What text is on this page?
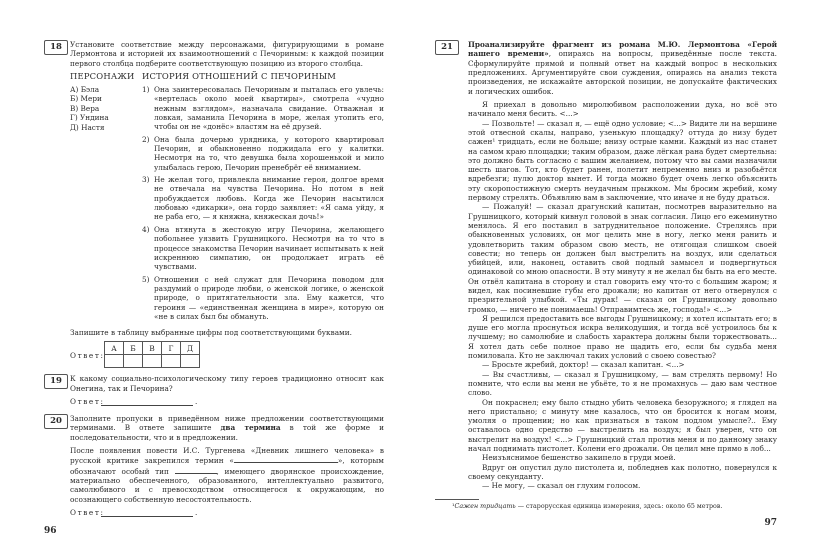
18	Установите соответствие между персонажами, фигурирующими в романе Лермонтова и историей их взаимоотношений с Печориным: к каждой позиции первого столбца подберите соответствующую позицию из второго столбца.
ПЕРСОНАЖИ ИСТОРИЯ ОТНОШЕНИЙ С ПЕЧОРИНЫМ
А) Бэла
Б) Мери
В) Вера
Г) Ундина
Д) Настя
1) Она заинтересовалась Печориным и пыталась его увлечь: «вертелась около моей квартиры», смотрела «чудно нежным взглядом», назначала свидание. Отважная и ловкая, заманила Печорина в море, желая утопить его, чтобы он не «донёс» властям на её друзей.
2) Она была дочерью урядника, у которого квартировал Печорин, и обыкновенно поджидала его у калитки. Несмотря на то, что девушка была хорошенькой и мило улыбалась герою, Печорин пренебрёг её вниманием.
3) Не желая того, привлекла внимание героя, долгое время не отвечала на чувства Печорина. Но потом в ней пробуждается любовь. Когда же Печорин насытился любовью «дикарки», она гордо заявляет: «Я сама уйду, я не раба его, — я княжна, княжеская дочь!»
4) Она втянута в жестокую игру Печорина, желающего побольнее уязвить Грушницкого. Несмотря на то что в процессе знакомства Печорин начинает испытывать к ней искреннюю симпатию, он продолжает играть её чувствами.
5) Отношения с ней служат для Печорина поводом для раздумий о природе любви, о женской логике, о женской природе, о притягательности зла. Ему кажется, что героиня — «единственная женщина в мире», которую он «не в силах был бы обмануть.
Запишите в таблицу выбранные цифры под соответствующими буквами.
Ответ:
А	Б	В	Г	Д

19	К какому социально-психологическому типу героев традиционно относят как Онегина, так и Печорина?
Ответ:	.
20	Заполните пропуски в приведённом ниже предложении соответствующими терминами. В ответе запишите два термина в той же форме и последовательности, что и в предложении.
После появления повести И.С. Тургенева «Дневник лишнего человека» в русской критике закрепился термин «	», которым обозначают особый тип	, имеющего дворянское происхождение, материально обеспеченного, образованного, интеллектуально развитого, самолюбивого и с превосходством относящегося к окружающим, но осознающего собственную несостоятельность.
Ответ:	.
96
21	Проанализируйте фрагмент из романа М.Ю. Лермонтова «Герой нашего времени», опираясь на вопросы, приведённые после текста. Сформулируйте прямой и полный ответ на каждый вопрос в нескольких предложениях. Аргументируйте свои суждения, опираясь на анализ текста произведения, не искажайте авторской позиции, не допускайте фактических и логических ошибок.
Я приехал в довольно миролюбивом расположении духа, но всё это начинало меня бесить. <...>
— Позвольте! — сказал я, — ещё одно условие; <...> Видите ли на вершине этой отвесной скалы, направо, узенькую площадку? оттуда до низу будет сажен¹ тридцать, если не больше; внизу острые камни. Каждый из нас станет на самом краю площадки; таким образом, даже лёгкая рана будет смертельна: это должно быть согласно с вашим желанием, потому что вы сами назначили шесть шагов. Тот, кто будет ранен, полетит непременно вниз и разобьётся вдребезги; пулю доктор вынет. И тогда можно будет очень легко объяснить эту скоропостижную смерть неудачным прыжком. Мы бросим жребий, кому первому стрелять. Объявляю вам в заключение, что иначе я не буду драться.
— Пожалуй! — сказал драгунский капитан, посмотрев выразительно на Грушницкого, который кивнул головой в знак согласия. Лицо его ежеминутно менялось. Я его поставил в затруднительное положение. Стреляясь при обыкновенных условиях, он мог целить мне в ногу, легко меня ранить и удовлетворить таким образом свою месть, не отягощая слишком своей совести; но теперь он должен был выстрелить на воздух, или сделаться убийцей, или, наконец, оставить свой подлый замысел и подвергнуться одинаковой со мною опасности. В эту минуту я не желал бы быть на его месте. Он отвёл капитана в сторону и стал говорить ему что-то с большим жаром; я видел, как посиневшие губы его дрожали; но капитан от него отвернулся с презрительной улыбкой. «Ты дурак! — сказал он Грушницкому довольно громко, — ничего не понимаешь! Отправимтесь же, господа!» <...>
Я решился предоставить все выгоды Грушницкому; я хотел испытать его; в душе его могла проснуться искра великодушия, и тогда всё устроилось бы к лучшему; но самолюбие и слабость характера должны были торжествовать... Я хотел дать себе полное право не щадить его, если бы судьба меня помиловала. Кто не заключал таких условий с своею совестью?
— Бросьте жребий, доктор! — сказал капитан. <...>
— Вы счастливы, — сказал я Грушницкому, — вам стрелять первому! Но помните, что если вы меня не убьёте, то я не промахнусь — даю вам честное слово.
Он покраснел; ему было стыдно убить человека безоружного; я глядел на него пристально; с минуту мне казалось, что он бросится к ногам моим, умоляя о прощении; но как признаться в таком подлом умысле?.. Ему оставалось одно средство — выстрелить на воздух; я был уверен, что он выстрелит на воздух! <...> Грушницкий стал против меня и по данному знаку начал поднимать пистолет. Колени его дрожали. Он целил мне прямо в лоб...
Неизъяснимое бешенство закипело в груди моей.
Вдруг он опустил дуло пистолета и, побледнев как полотно, повернулся к своему секунданту.
— Не могу, — сказал он глухим голосом.
¹Сажен тридцать — старорусская единица измерения, здесь: около 65 метров.
97
